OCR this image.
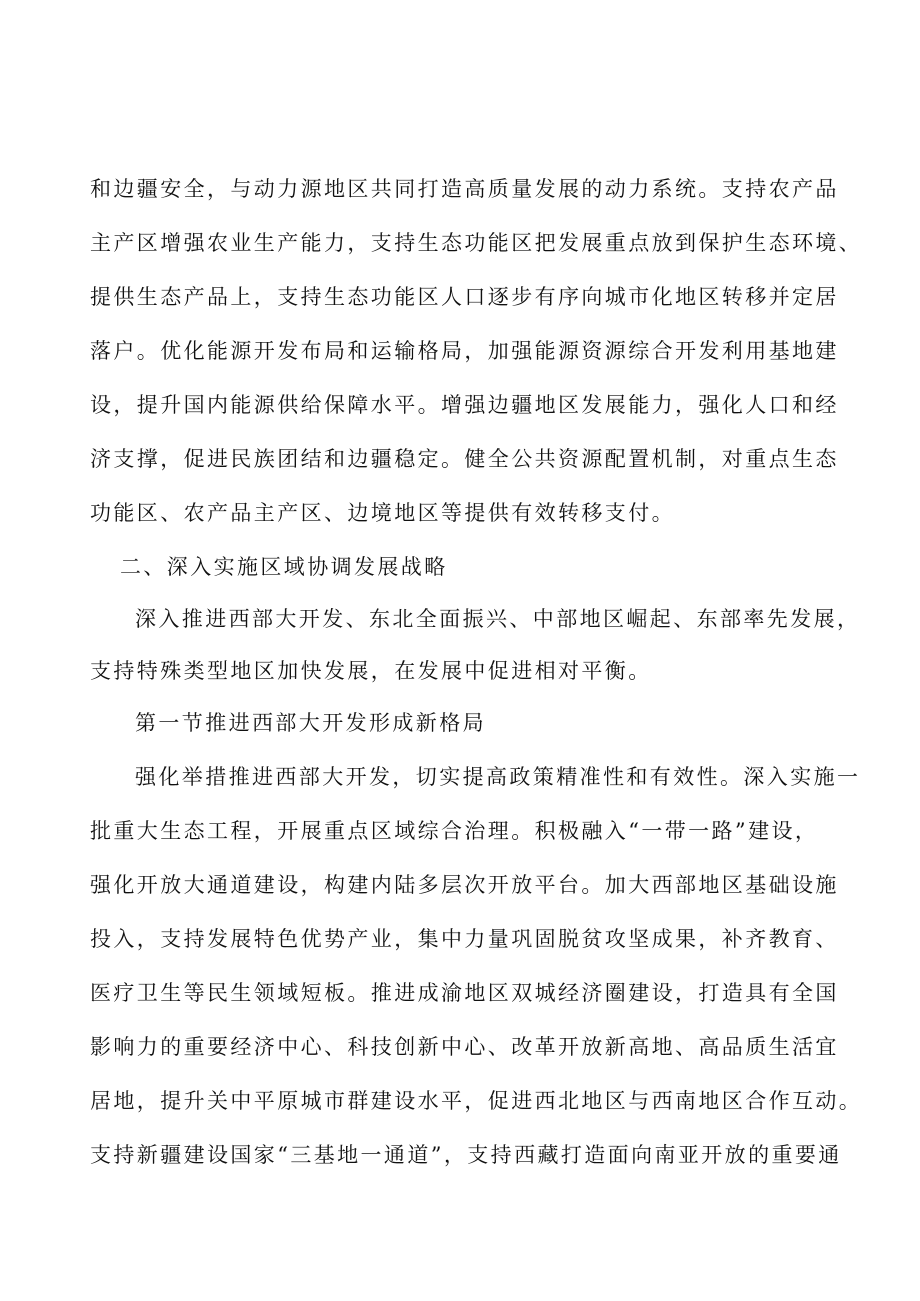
和边疆安全，与动力源地区共同打造高质量发展的动力系统。支持农产品
主产区增强农业生产能力，支持生态功能区把发展重点放到保护生态环境、
提供生态产品上，支持生态功能区人口逐步有序向城市化地区转移并定居
落户。优化能源开发布局和运输格局，加强能源资源综合开发利用基地建
设，提升国内能源供给保障水平。增强边疆地区发展能力，强化人口和经
济支撑，促进民族团结和边疆稳定。健全公共资源配置机制，对重点生态
功能区、农产品主产区、边境地区等提供有效转移支付。
二、深入实施区域协调发展战略
深入推进西部大开发、东北全面振兴、中部地区崛起、东部率先发展，
支持特殊类型地区加快发展，在发展中促进相对平衡。
第一节推进西部大开发形成新格局
强化举措推进西部大开发，切实提高政策精准性和有效性。深入实施一
批重大生态工程，开展重点区域综合治理。积极融入“一带一路”建设，
强化开放大通道建设，构建内陆多层次开放平台。加大西部地区基础设施
投入，支持发展特色优势产业，集中力量巩固脱贫攻坚成果，补齐教育、
医疗卫生等民生领域短板。推进成渝地区双城经济圈建设，打造具有全国
影响力的重要经济中心、科技创新中心、改革开放新高地、高品质生活宜
居地，提升关中平原城市群建设水平，促进西北地区与西南地区合作互动。
支持新疆建设国家“三基地一通道”，支持西藏打造面向南亚开放的重要通
